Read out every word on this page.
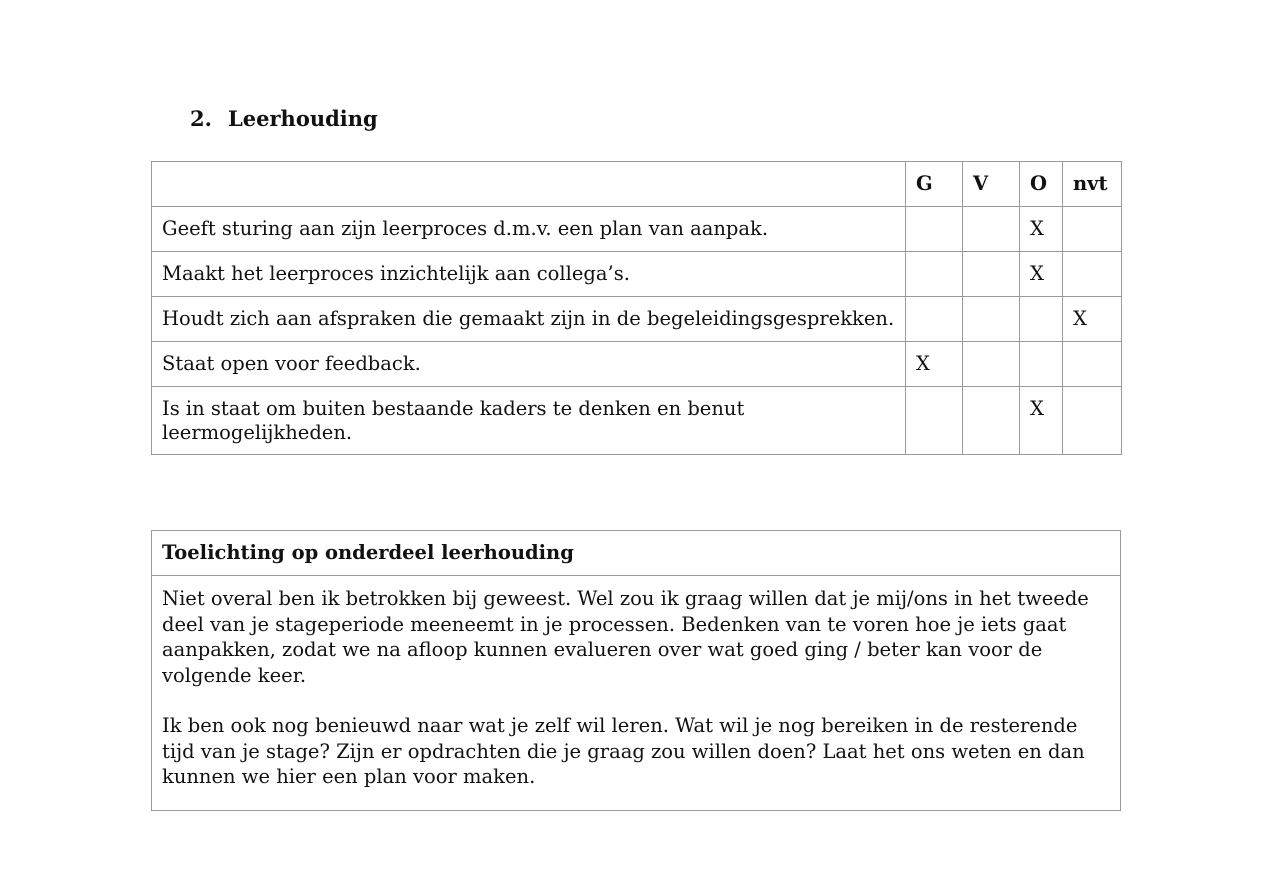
2. Leerhouding
	G	V	O	nvt
Geeft sturing aan zijn leerproces d.m.v. een plan van aanpak.			X	
Maakt het leerproces inzichtelijk aan collega’s.			X	
Houdt zich aan afspraken die gemaakt zijn in de begeleidingsgesprekken.				X
Staat open voor feedback.	X			
Is in staat om buiten bestaande kaders te denken en benut leermogelijkheden.			X	
Toelichting op onderdeel leerhouding

Niet overal ben ik betrokken bij geweest. Wel zou ik graag willen dat je mij/ons in het tweede deel van je stageperiode meeneemt in je processen. Bedenken van te voren hoe je iets gaat aanpakken, zodat we na afloop kunnen evalueren over wat goed ging / beter kan voor de volgende keer.

Ik ben ook nog benieuwd naar wat je zelf wil leren. Wat wil je nog bereiken in de resterende tijd van je stage? Zijn er opdrachten die je graag zou willen doen? Laat het ons weten en dan kunnen we hier een plan voor maken.
